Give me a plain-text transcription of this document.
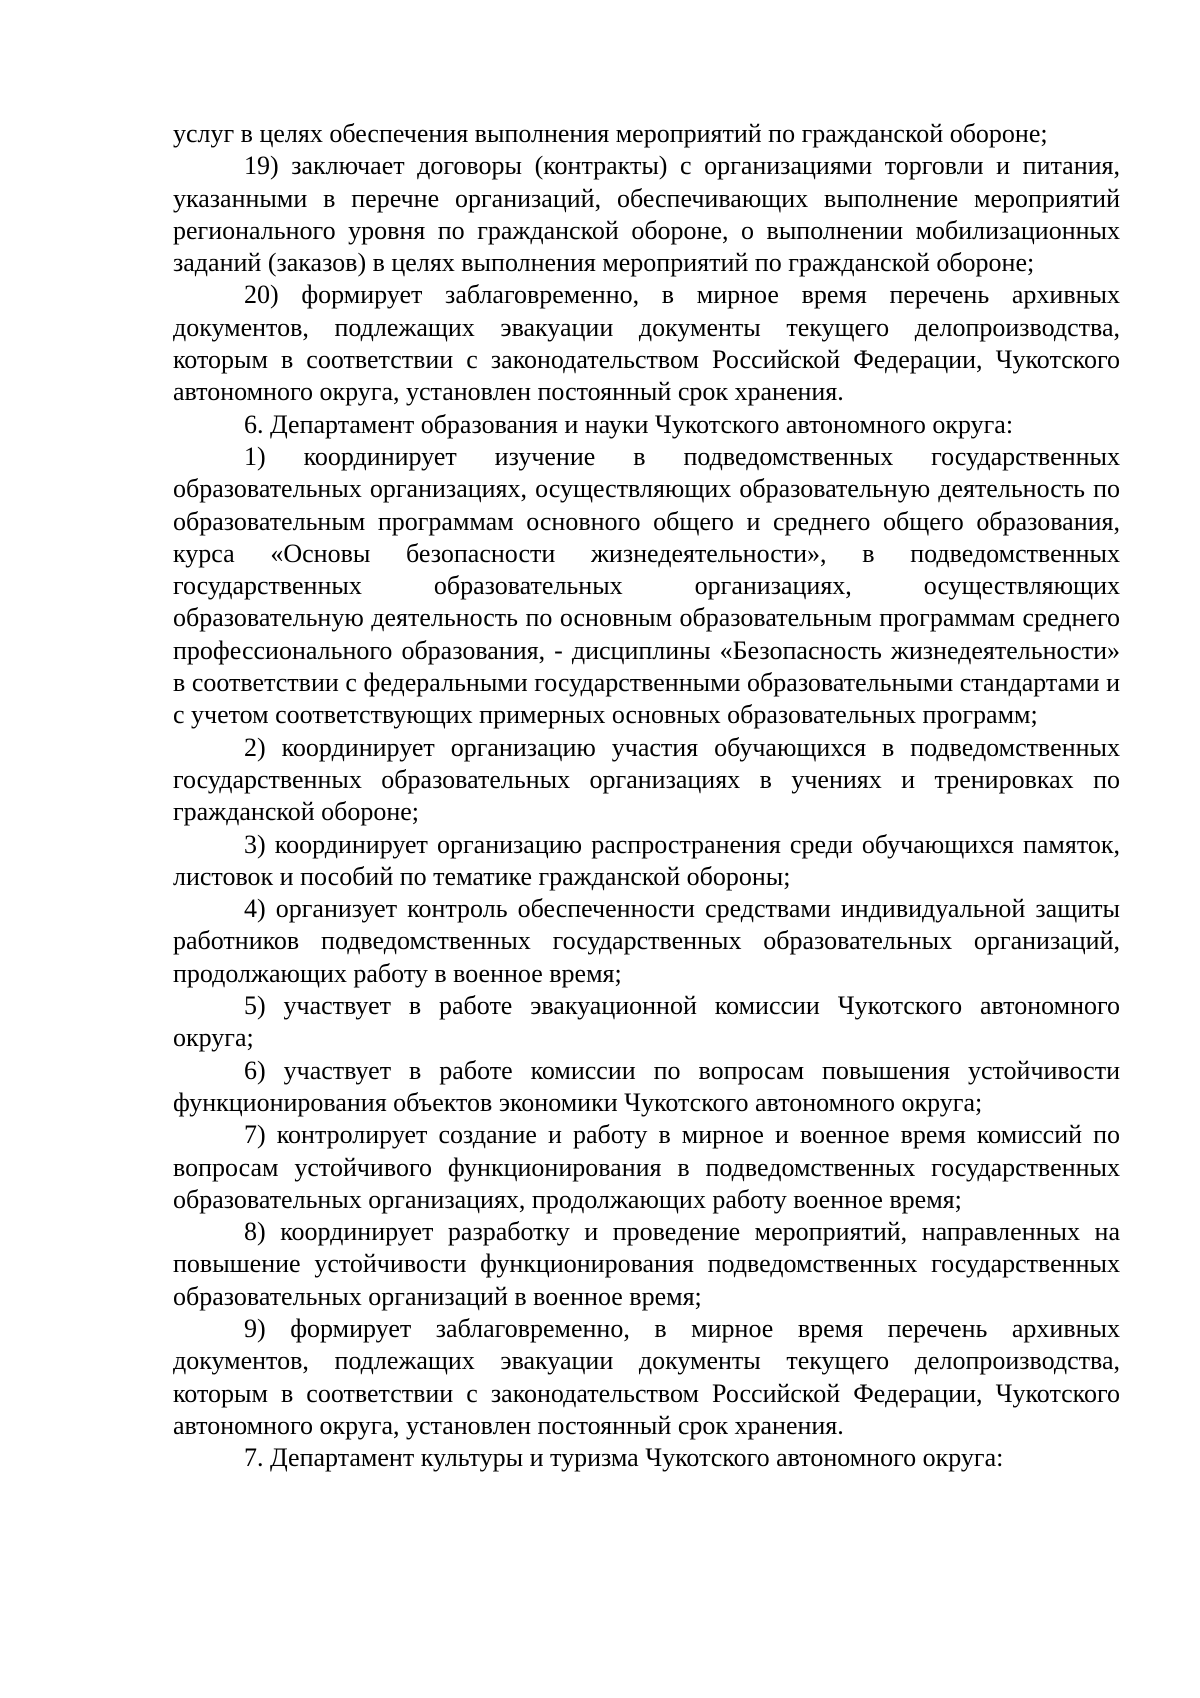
услуг в целях обеспечения выполнения мероприятий по гражданской обороне;

19) заключает договоры (контракты) с организациями торговли и питания, указанными в перечне организаций, обеспечивающих выполнение мероприятий регионального уровня по гражданской обороне, о выполнении мобилизационных заданий (заказов) в целях выполнения мероприятий по гражданской обороне;

20) формирует заблаговременно, в мирное время перечень архивных документов, подлежащих эвакуации документы текущего делопроизводства, которым в соответствии с законодательством Российской Федерации, Чукотского автономного округа, установлен постоянный срок хранения.

6. Департамент образования и науки Чукотского автономного округа:

1) координирует изучение в подведомственных государственных образовательных организациях, осуществляющих образовательную деятельность по образовательным программам основного общего и среднего общего образования, курса «Основы безопасности жизнедеятельности», в подведомственных государственных образовательных организациях, осуществляющих образовательную деятельность по основным образовательным программам среднего профессионального образования, - дисциплины «Безопасность жизнедеятельности» в соответствии с федеральными государственными образовательными стандартами и с учетом соответствующих примерных основных образовательных программ;

2) координирует организацию участия обучающихся в подведомственных государственных образовательных организациях в учениях и тренировках по гражданской обороне;

3) координирует организацию распространения среди обучающихся памяток, листовок и пособий по тематике гражданской обороны;

4) организует контроль обеспеченности средствами индивидуальной защиты работников подведомственных государственных образовательных организаций, продолжающих работу в военное время;

5) участвует в работе эвакуационной комиссии Чукотского автономного округа;

6) участвует в работе комиссии по вопросам повышения устойчивости функционирования объектов экономики Чукотского автономного округа;

7) контролирует создание и работу в мирное и военное время комиссий по вопросам устойчивого функционирования в подведомственных государственных образовательных организациях, продолжающих работу военное время;

8) координирует разработку и проведение мероприятий, направленных на повышение устойчивости функционирования подведомственных государственных образовательных организаций в военное время;

9) формирует заблаговременно, в мирное время перечень архивных документов, подлежащих эвакуации документы текущего делопроизводства, которым в соответствии с законодательством Российской Федерации, Чукотского автономного округа, установлен постоянный срок хранения.

7. Департамент культуры и туризма Чукотского автономного округа:
